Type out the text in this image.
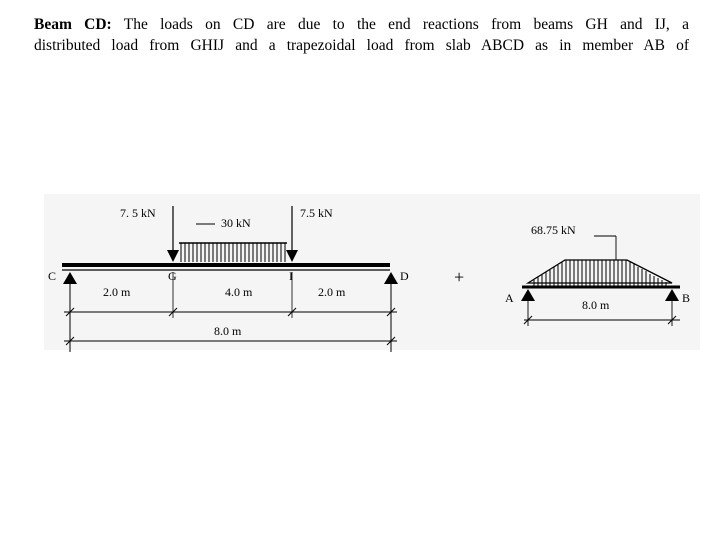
Beam CD: The loads on CD are due to the end reactions from beams GH and IJ, a
distributed load from GHIJ and a trapezoidal load from slab ABCD as in member AB of
7. 5 kN	7.5 kN
30 kN
C	G	I	D
2.0 m	4.0 m	2.0 m
8.0 m
+
68.75 kN
A	B
8.0 m
